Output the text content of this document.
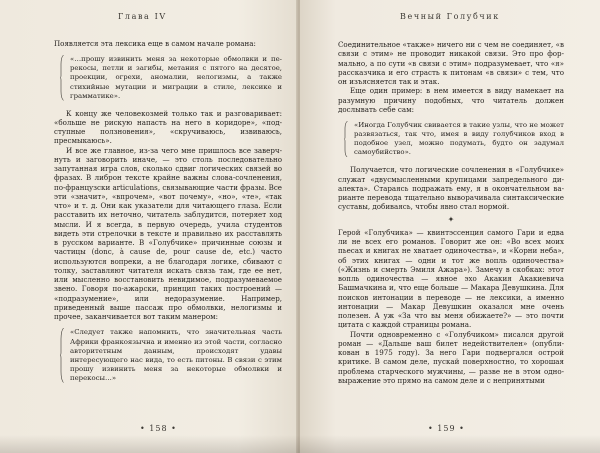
Глава IV

Появляется эта лексика еще в самом начале романа:

«…прошу извинить меня за некоторые обмолвки и перекосы, петли и загибы, метания с пятого на десятое, проекции, огрехи, аномалии, нелогизмы, а также стихийные мутации и миграции в стиле, лексике и грамматике».

К концу же человекозмей только так и разговаривает: «больше не рискую напасть на него в коридоре», «подступные ползновения», «скручиваюсь, извиваюсь, пресмыкаюсь».

И все же главное, из-за чего мне пришлось все заверчнуть и заговорить иначе, — это столь последовательно запутанная игра слов, сколько сдвиг логических связей во фразах. В либрон тексте крайне важны слова-сочленения, по-французски articulations, связывающие части фразы. Все эти «значит», «впрочем», «вот почему», «но», «те», «так что» и т. д. Они как указатели для читающего глаза. Если расставить их неточно, читатель заблудится, потеряет ход мысли. И я всегда, в первую очередь, учила студентов видеть эти стрелочки в тексте и правильно их расставлять в русском варианте. В «Голубчике» причинные союзы и частицы (donc, à cause de, pour cause de, etc.) часто используются вопреки, а не благодаря логике, сбивают с толку, заставляют читателя искать связь там, где ее нет, или мысленно восстановить невидимое, подразумеваемое звено. Говоря по-ажарски, принцип таких построений — «подразумение», или недоразумение. Например, приведенный выше пассаж про обмолвки, нелогизмы и прочее, заканчивается вот таким манером:

«Следует также напомнить, что значительная часть Африки франкоязычна и именно из этой части, согласно авторитетным данным, происходят удавы интересующего нас вида, то есть питоны. В связи с этим прошу извинить меня за некоторые обмолвки и перекосы…»

• 158 •
Вечный Голубчик

Соединительное «также» ничего ни с чем не соединяет, «в связи с этим» не проводит никакой связи. Это про формально, а по сути «в связи с этим» подразумевает, что «я» рассказчика и его страсть к питонам «в связи» с тем, что он изъясняется так и этак.

Еще один пример: в нем имеется в виду намекает на разумную причину подобных, что читатель должен дослывать себе сам:

«Иногда Голубчик свивается в такие узлы, что не может развязаться, так что, имея в виду голубчиков вход в подобное узел, можно подумать, будто он задумал самоубийство».

Получается, что логические сочленения в «Голубчике» служат «двусмысленными крупицами запредельного диалекта». Стараясь подражать ему, я в окончательном варианте перевода тщательно выворачивала синтаксические суставы, добиваясь, чтобы явно стал нормой.

✦

Герой «Голубчика» — квинтэссенция самого Гари и едва ли не всех его романов. Говорит же он: «Во всех моих пьесах и книгах не хватает одиночества», и «Корни неба», об этих книгах — одни и тот же вопль одиночества» («Жизнь и смерть Эмиля Ажара»). Замечу в скобках: этот вопль одиночества — явное эхо Акакия Акакиевича Башмачкина и, что еще больше — Макара Девушкина. Для поисков интонации в переводе — не лексики, а именно интонации — Макар Девушкин оказался мне очень полезен. А уж «За что вы меня обижаете?» — это почти цитата с каждой страницы романа.

Почти одновременно с «Голубчиком» писался другой роман — «Дальше ваш билет недействителен» (опубликован в 1975 году). За него Гари подвергался острой критике. В самом деле, пускай поверхностно, то хорошая проблема старческого мужчины, — разве не в этом одновыражение это прямо на самом деле и с непринятыми

• 159 •
